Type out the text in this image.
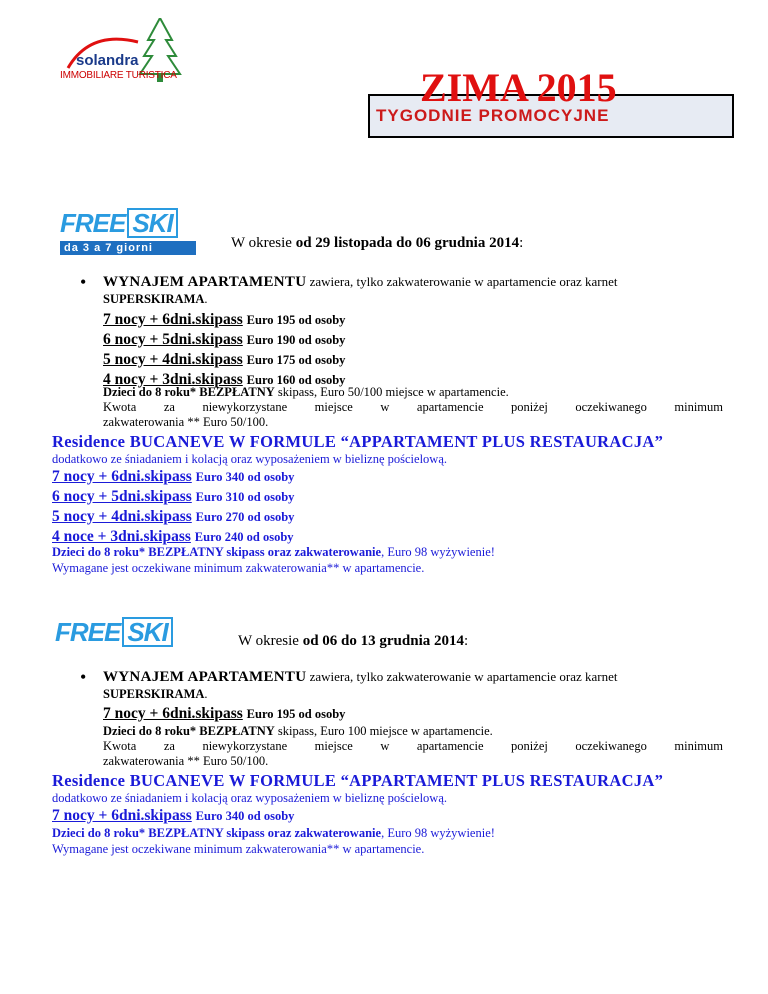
solandra
IMMOBILIARE TURISTICA	ZIMA 2015
TYGODNIE PROMOCYJNE
FREE SKI
da 3 a 7 giorni	W okresie od 29 listopada do 06 grudnia 2014:
• WYNAJEM APARTAMENTU zawiera, tylko zakwaterowanie w apartamencie oraz karnet
SUPERSKIRAMA.
7 nocy + 6dni.skipass Euro 195 od osoby
6 nocy + 5dni.skipass Euro 190 od osoby
5 nocy + 4dni.skipass Euro 175 od osoby
4 nocy + 3dni.skipass Euro 160 od osoby
Dzieci do 8 roku* BEZPŁATNY skipass, Euro 50/100 miejsce w apartamencie.
Kwota za niewykorzystane miejsce w apartamencie poniżej oczekiwanego minimum
zakwaterowania ** Euro 50/100.
Residence BUCANEVE W FORMULE “APPARTAMENT PLUS RESTAURACJA”
dodatkowo ze śniadaniem i kolacją oraz wyposażeniem w bieliznę pościelową.
7 nocy + 6dni.skipass Euro 340 od osoby
6 nocy + 5dni.skipass Euro 310 od osoby
5 nocy + 4dni.skipass Euro 270 od osoby
4 noce + 3dni.skipass Euro 240 od osoby
Dzieci do 8 roku* BEZPŁATNY skipass oraz zakwaterowanie, Euro 98 wyżywienie!
Wymagane jest oczekiwane minimum zakwaterowania** w apartamencie.
FREE SKI	W okresie od 06 do 13 grudnia 2014:
• WYNAJEM APARTAMENTU zawiera, tylko zakwaterowanie w apartamencie oraz karnet
SUPERSKIRAMA.
7 nocy + 6dni.skipass Euro 195 od osoby
Dzieci do 8 roku* BEZPŁATNY skipass, Euro 100 miejsce w apartamencie.
Kwota za niewykorzystane miejsce w apartamencie poniżej oczekiwanego minimum
zakwaterowania ** Euro 50/100.
Residence BUCANEVE W FORMULE “APPARTAMENT PLUS RESTAURACJA”
dodatkowo ze śniadaniem i kolacją oraz wyposażeniem w bieliznę pościelową.
7 nocy + 6dni.skipass Euro 340 od osoby
Dzieci do 8 roku* BEZPŁATNY skipass oraz zakwaterowanie, Euro 98 wyżywienie!
Wymagane jest oczekiwane minimum zakwaterowania** w apartamencie.
